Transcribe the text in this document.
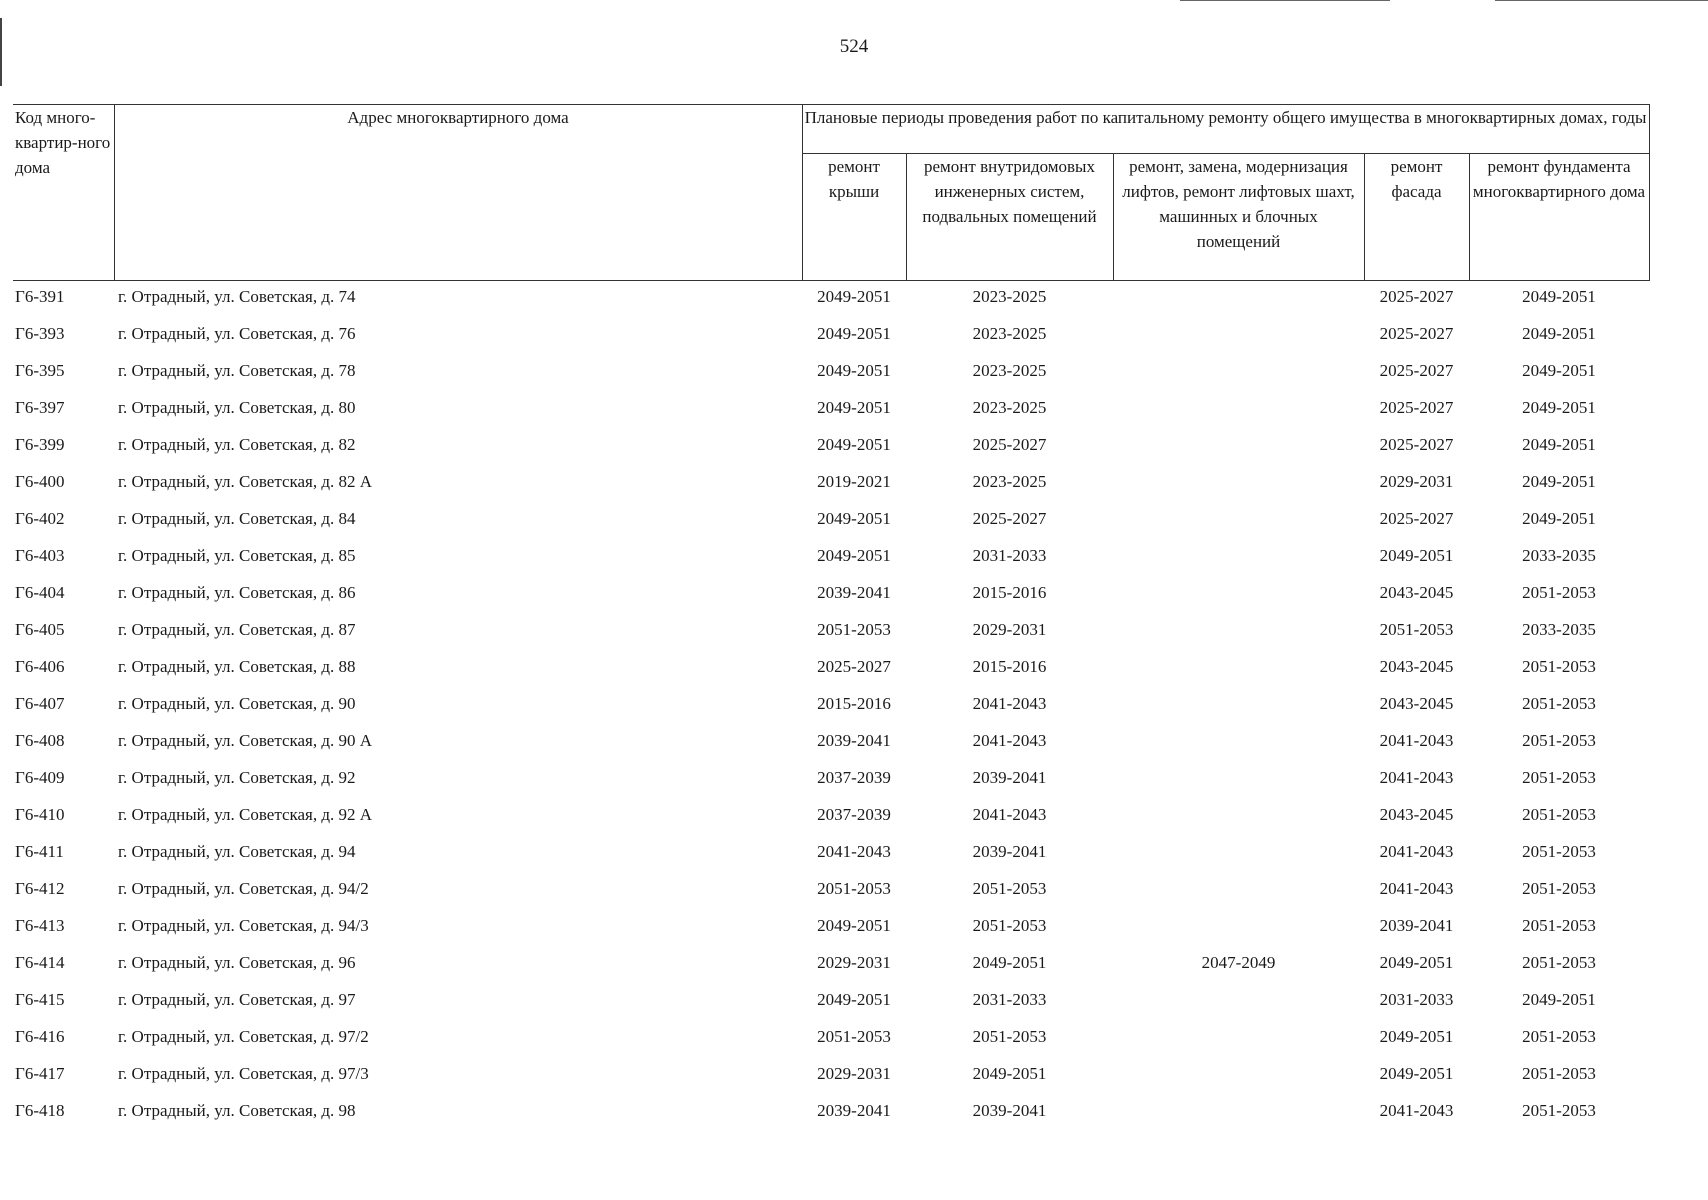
524
Код много-квартир-ного дома	Адрес многоквартирного дома	Плановые периоды проведения работ по капитальному ремонту общего имущества в многоквартирных домах, годы				
		ремонт крыши	ремонт внутридомовых инженерных систем, подвальных помещений	ремонт, замена, модернизация лифтов, ремонт лифтовых шахт, машинных и блочных помещений	ремонт фасада	ремонт фундамента многоквартирного дома
Г6-391	г. Отрадный, ул. Советская, д. 74	2049-2051	2023-2025		2025-2027	2049-2051
Г6-393	г. Отрадный, ул. Советская, д. 76	2049-2051	2023-2025		2025-2027	2049-2051
Г6-395	г. Отрадный, ул. Советская, д. 78	2049-2051	2023-2025		2025-2027	2049-2051
Г6-397	г. Отрадный, ул. Советская, д. 80	2049-2051	2023-2025		2025-2027	2049-2051
Г6-399	г. Отрадный, ул. Советская, д. 82	2049-2051	2025-2027		2025-2027	2049-2051
Г6-400	г. Отрадный, ул. Советская, д. 82 А	2019-2021	2023-2025		2029-2031	2049-2051
Г6-402	г. Отрадный, ул. Советская, д. 84	2049-2051	2025-2027		2025-2027	2049-2051
Г6-403	г. Отрадный, ул. Советская, д. 85	2049-2051	2031-2033		2049-2051	2033-2035
Г6-404	г. Отрадный, ул. Советская, д. 86	2039-2041	2015-2016		2043-2045	2051-2053
Г6-405	г. Отрадный, ул. Советская, д. 87	2051-2053	2029-2031		2051-2053	2033-2035
Г6-406	г. Отрадный, ул. Советская, д. 88	2025-2027	2015-2016		2043-2045	2051-2053
Г6-407	г. Отрадный, ул. Советская, д. 90	2015-2016	2041-2043		2043-2045	2051-2053
Г6-408	г. Отрадный, ул. Советская, д. 90 А	2039-2041	2041-2043		2041-2043	2051-2053
Г6-409	г. Отрадный, ул. Советская, д. 92	2037-2039	2039-2041		2041-2043	2051-2053
Г6-410	г. Отрадный, ул. Советская, д. 92 А	2037-2039	2041-2043		2043-2045	2051-2053
Г6-411	г. Отрадный, ул. Советская, д. 94	2041-2043	2039-2041		2041-2043	2051-2053
Г6-412	г. Отрадный, ул. Советская, д. 94/2	2051-2053	2051-2053		2041-2043	2051-2053
Г6-413	г. Отрадный, ул. Советская, д. 94/3	2049-2051	2051-2053		2039-2041	2051-2053
Г6-414	г. Отрадный, ул. Советская, д. 96	2029-2031	2049-2051	2047-2049	2049-2051	2051-2053
Г6-415	г. Отрадный, ул. Советская, д. 97	2049-2051	2031-2033		2031-2033	2049-2051
Г6-416	г. Отрадный, ул. Советская, д. 97/2	2051-2053	2051-2053		2049-2051	2051-2053
Г6-417	г. Отрадный, ул. Советская, д. 97/3	2029-2031	2049-2051		2049-2051	2051-2053
Г6-418	г. Отрадный, ул. Советская, д. 98	2039-2041	2039-2041		2041-2043	2051-2053
